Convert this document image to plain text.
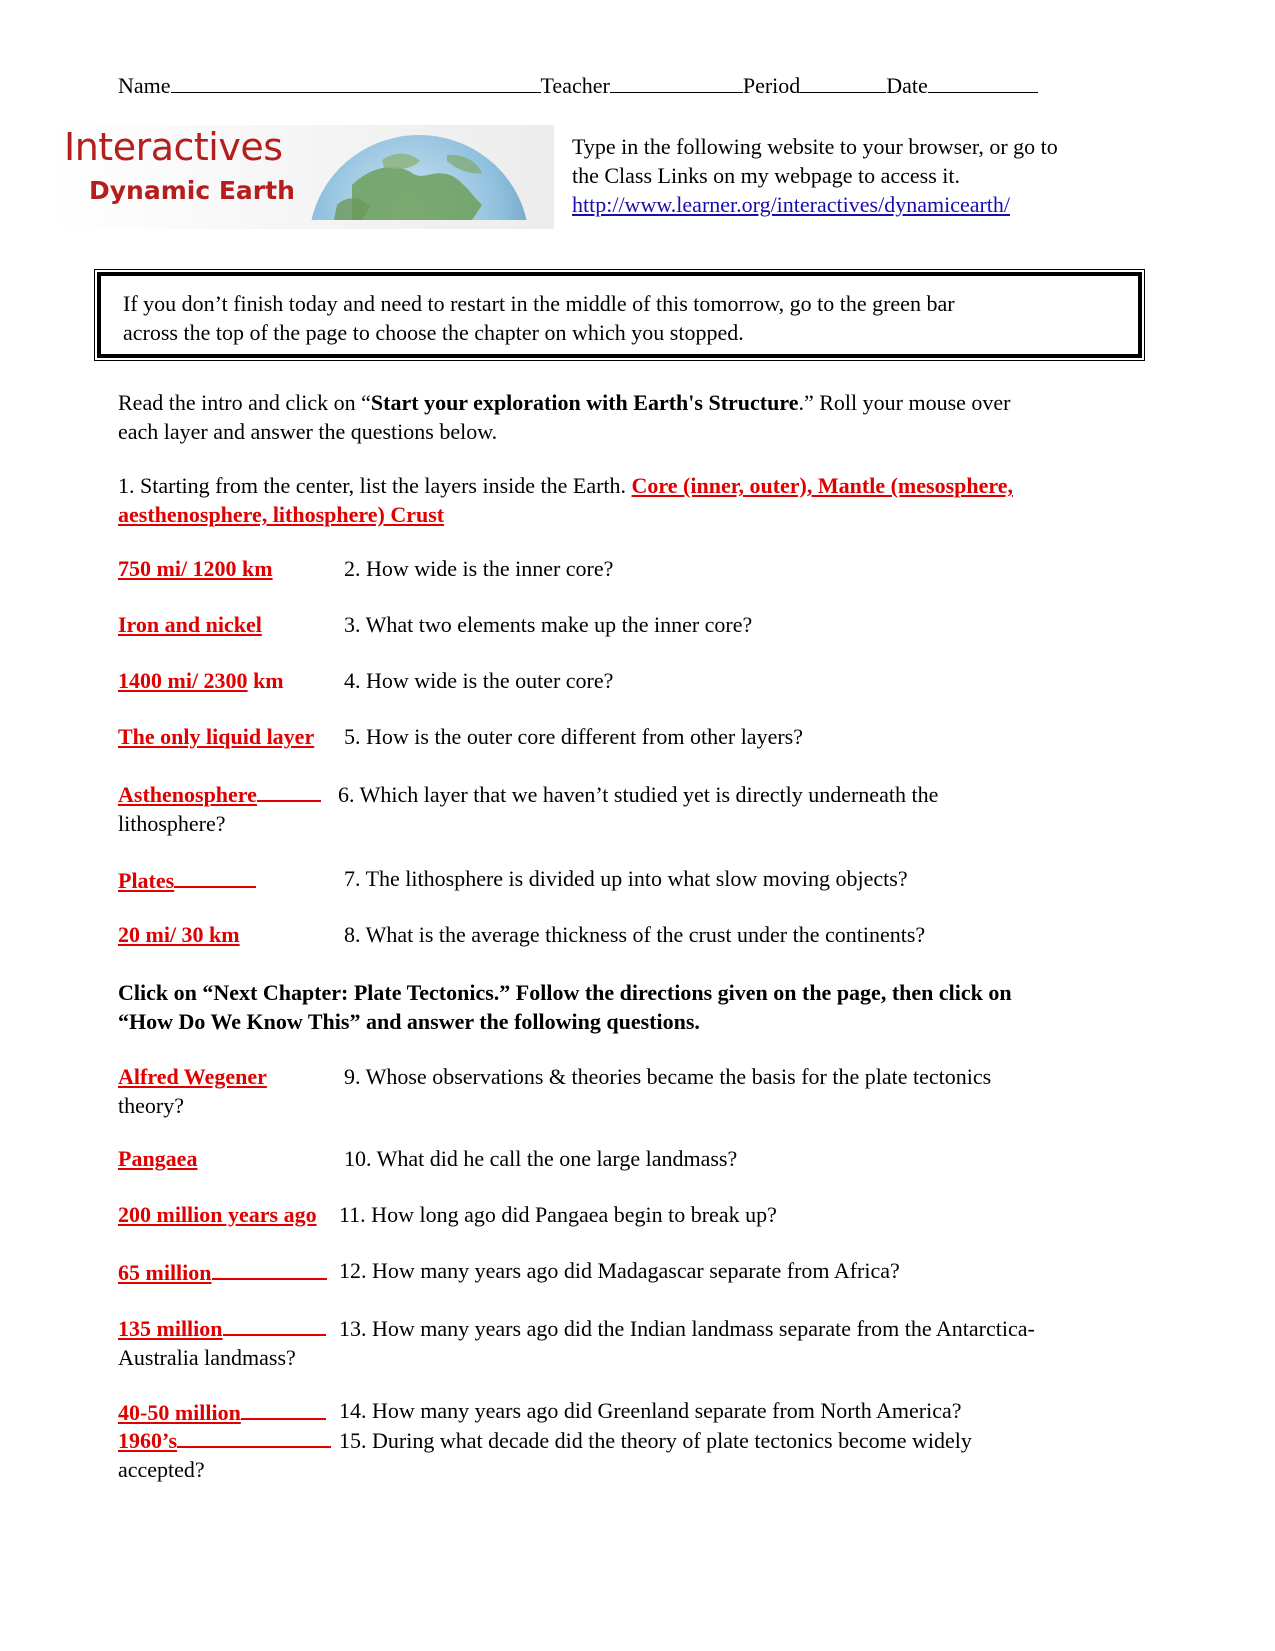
Name	Teacher	Period	Date
Interactives
Dynamic Earth
Type in the following website to your browser, or go to
the Class Links on my webpage to access it.
http://www.learner.org/interactives/dynamicearth/
If you don’t finish today and need to restart in the middle of this tomorrow, go to the green bar
across the top of the page to choose the chapter on which you stopped.
Read the intro and click on “Start your exploration with Earth's Structure.” Roll your mouse over
each layer and answer the questions below.
1. Starting from the center, list the layers inside the Earth. Core (inner, outer), Mantle (mesosphere,
aesthenosphere, lithosphere) Crust
750 mi/ 1200 km	2. How wide is the inner core?
Iron and nickel	3. What two elements make up the inner core?
1400 mi/ 2300 km	4. How wide is the outer core?
The only liquid layer 5. How is the outer core different from other layers?
Asthenosphere	6. Which layer that we haven’t studied yet is directly underneath the
lithosphere?
Plates	7. The lithosphere is divided up into what slow moving objects?
20 mi/ 30 km	8. What is the average thickness of the crust under the continents?
Click on “Next Chapter: Plate Tectonics.” Follow the directions given on the page, then click on
“How Do We Know This” and answer the following questions.
Alfred Wegener	9. Whose observations & theories became the basis for the plate tectonics
theory?
Pangaea	10. What did he call the one large landmass?
200 million years ago 11. How long ago did Pangaea begin to break up?
65 million	12. How many years ago did Madagascar separate from Africa?
135 million	13. How many years ago did the Indian landmass separate from the Antarctica-
Australia landmass?
40-50 million	14. How many years ago did Greenland separate from North America?
1960’s	15. During what decade did the theory of plate tectonics become widely
accepted?
